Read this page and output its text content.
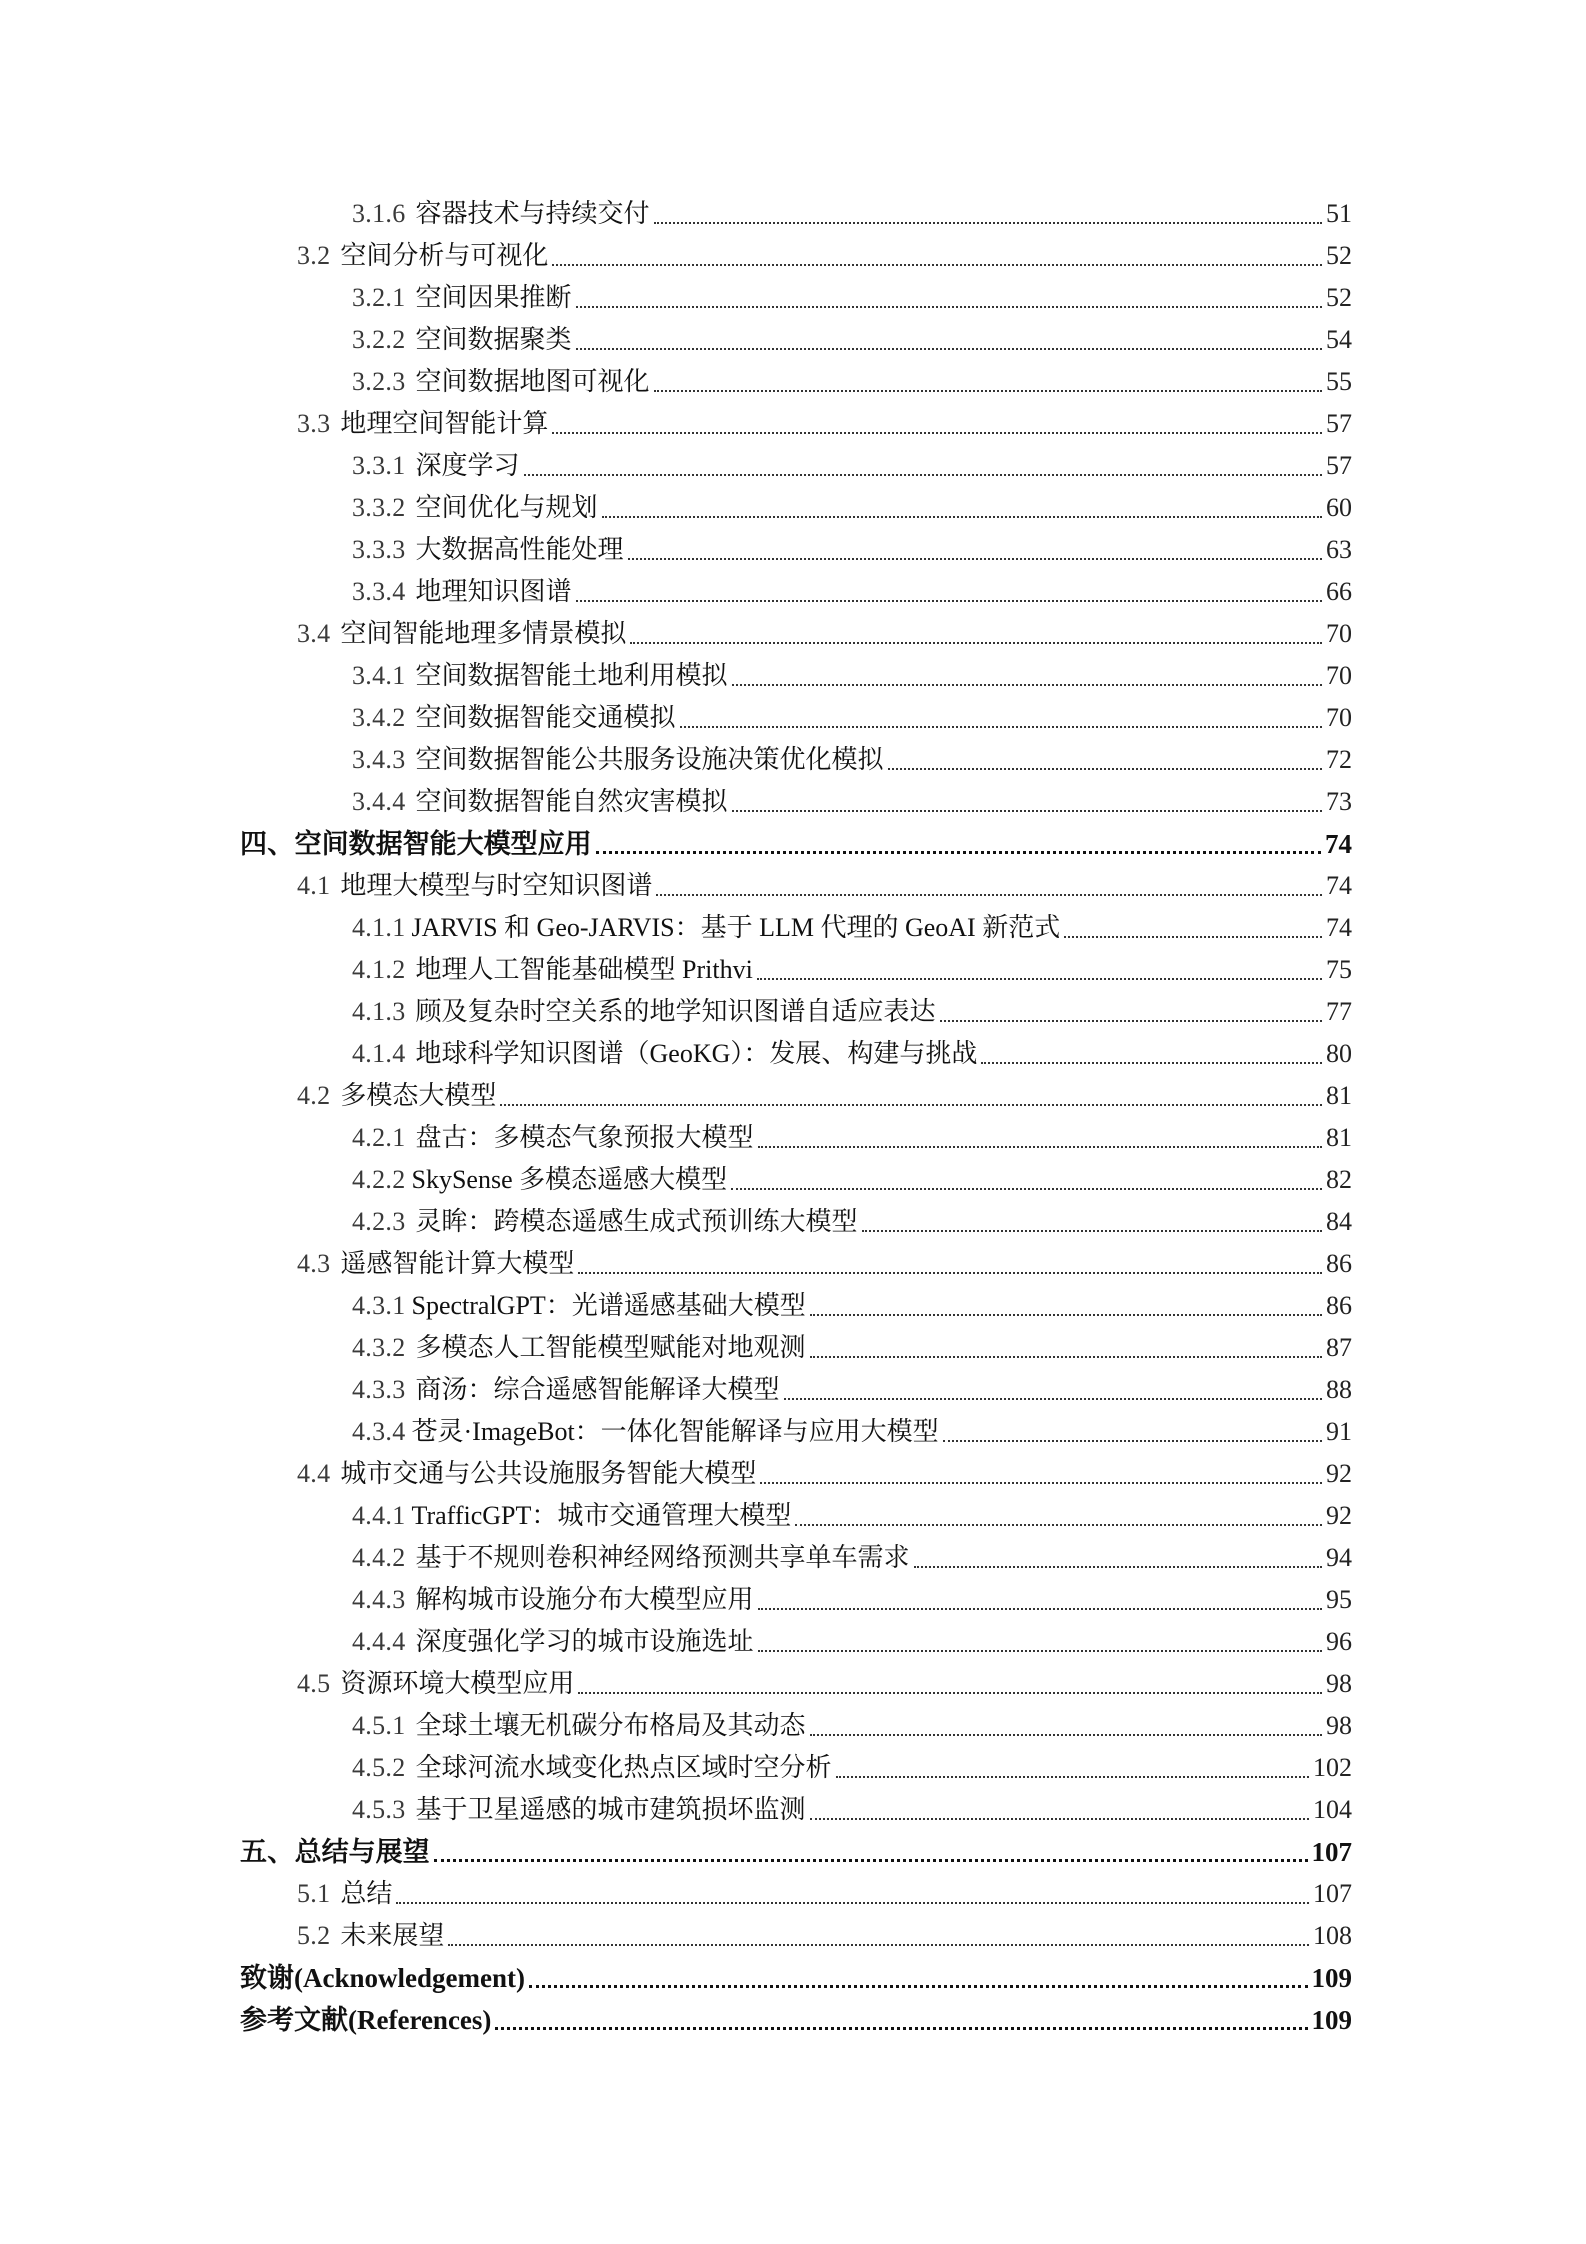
3.1.6 容器技术与持续交付	51
3.2 空间分析与可视化	52
3.2.1 空间因果推断	52
3.2.2 空间数据聚类	54
3.2.3 空间数据地图可视化	55
3.3 地理空间智能计算	57
3.3.1 深度学习	57
3.3.2 空间优化与规划	60
3.3.3 大数据高性能处理	63
3.3.4 地理知识图谱	66
3.4 空间智能地理多情景模拟	70
3.4.1 空间数据智能土地利用模拟	70
3.4.2 空间数据智能交通模拟	70
3.4.3 空间数据智能公共服务设施决策优化模拟	72
3.4.4 空间数据智能自然灾害模拟	73
四、 空间数据智能大模型应用	74
4.1 地理大模型与时空知识图谱	74
4.1.1 JARVIS 和 Geo-JARVIS：基于 LLM 代理的 GeoAI 新范式	74
4.1.2 地理人工智能基础模型 Prithvi	75
4.1.3 顾及复杂时空关系的地学知识图谱自适应表达	77
4.1.4 地球科学知识图谱（GeoKG）：发展、构建与挑战	80
4.2 多模态大模型	81
4.2.1 盘古：多模态气象预报大模型	81
4.2.2 SkySense 多模态遥感大模型	82
4.2.3 灵眸：跨模态遥感生成式预训练大模型	84
4.3 遥感智能计算大模型	86
4.3.1 SpectralGPT：光谱遥感基础大模型	86
4.3.2 多模态人工智能模型赋能对地观测	87
4.3.3 商汤：综合遥感智能解译大模型	88
4.3.4 苍灵·ImageBot：一体化智能解译与应用大模型	91
4.4 城市交通与公共设施服务智能大模型	92
4.4.1 TrafficGPT：城市交通管理大模型	92
4.4.2 基于不规则卷积神经网络预测共享单车需求	94
4.4.3 解构城市设施分布大模型应用	95
4.4.4 深度强化学习的城市设施选址	96
4.5 资源环境大模型应用	98
4.5.1 全球土壤无机碳分布格局及其动态	98
4.5.2 全球河流水域变化热点区域时空分析	102
4.5.3 基于卫星遥感的城市建筑损坏监测	104
五、 总结与展望	107
5.1 总结	107
5.2 未来展望	108
致谢(Acknowledgement)	109
参考文献(References)	109
